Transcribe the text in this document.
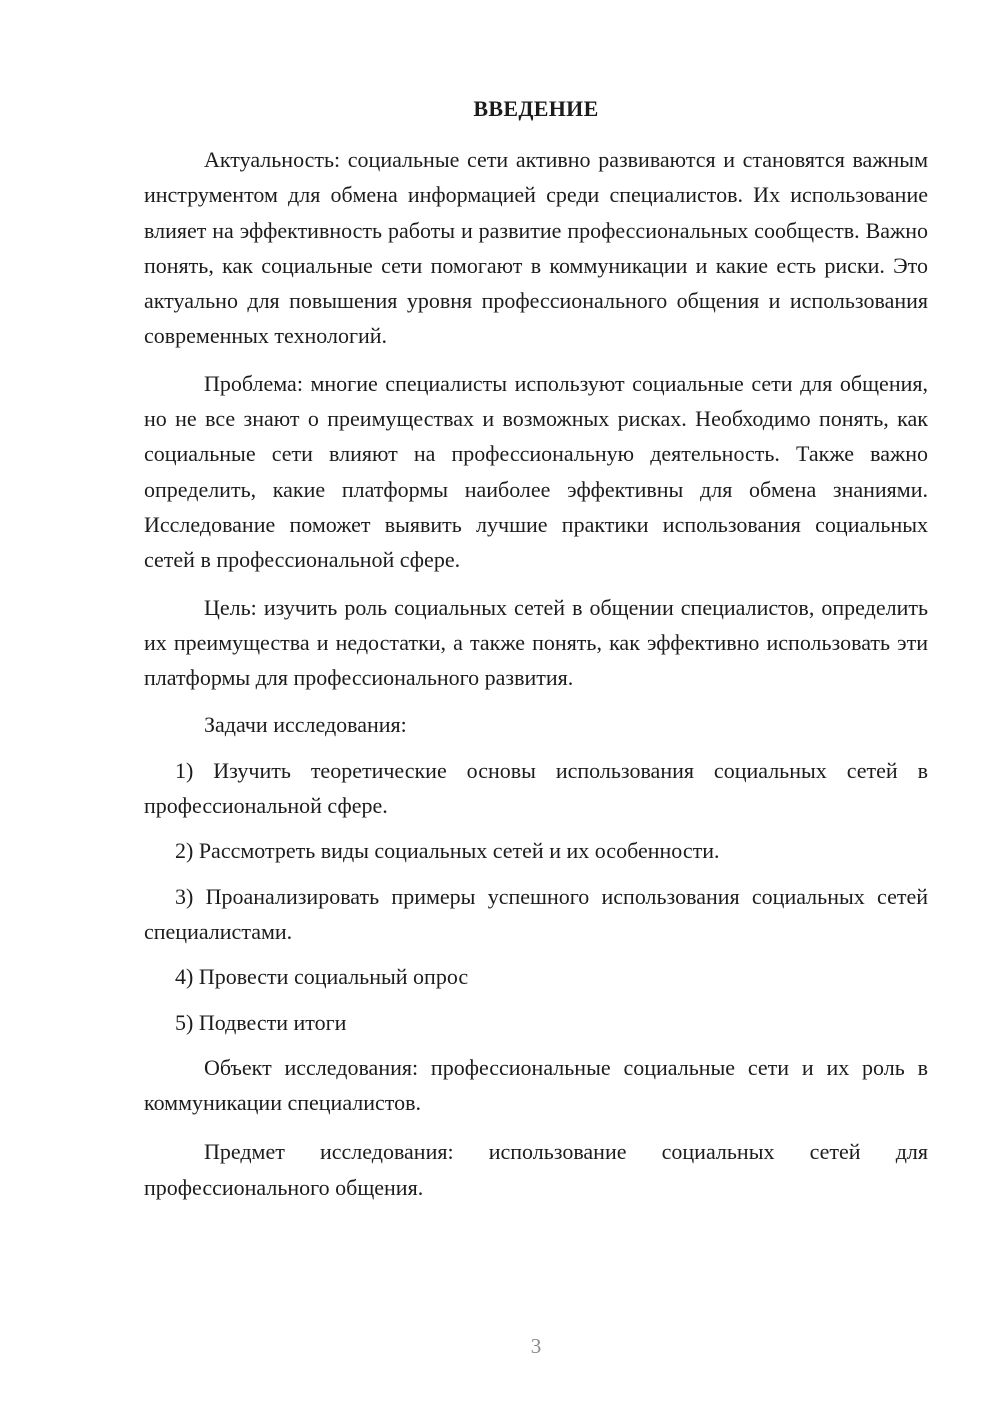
ВВЕДЕНИЕ

Актуальность: социальные сети активно развиваются и становятся важным инструментом для обмена информацией среди специалистов. Их использование влияет на эффективность работы и развитие профессиональных сообществ. Важно понять, как социальные сети помогают в коммуникации и какие есть риски. Это актуально для повышения уровня профессионального общения и использования современных технологий.

Проблема: многие специалисты используют социальные сети для общения, но не все знают о преимуществах и возможных рисках. Необходимо понять, как социальные сети влияют на профессиональную деятельность. Также важно определить, какие платформы наиболее эффективны для обмена знаниями. Исследование поможет выявить лучшие практики использования социальных сетей в профессиональной сфере.

Цель: изучить роль социальных сетей в общении специалистов, определить их преимущества и недостатки, а также понять, как эффективно использовать эти платформы для профессионального развития.

Задачи исследования:

1) Изучить теоретические основы использования социальных сетей в профессиональной сфере.

2) Рассмотреть виды социальных сетей и их особенности.

3) Проанализировать примеры успешного использования социальных сетей специалистами.

4) Провести социальный опрос

5) Подвести итоги

Объект исследования: профессиональные социальные сети и их роль в коммуникации специалистов.

Предмет исследования: использование социальных сетей для профессионального общения.

3
